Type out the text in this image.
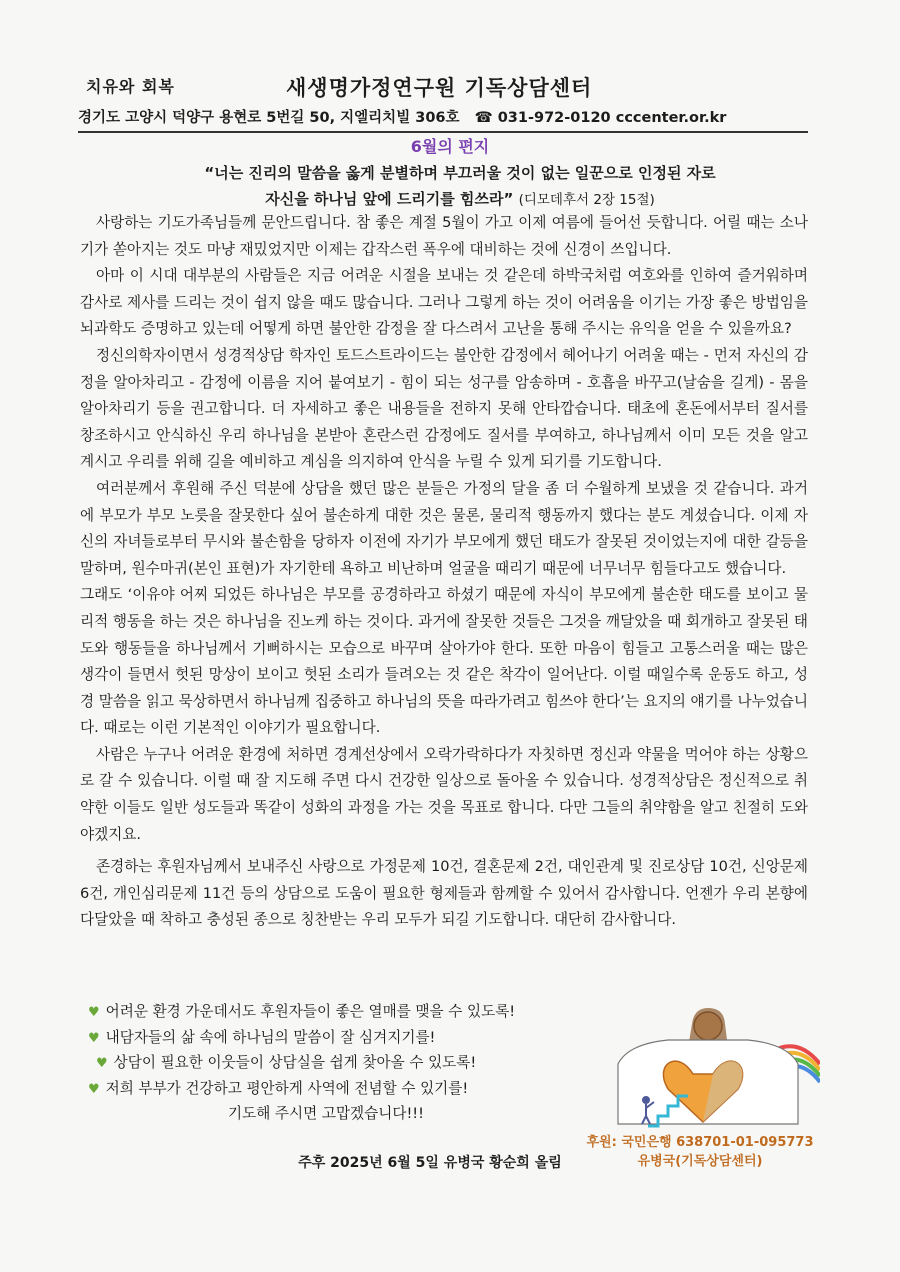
치유와 회복	새생명가정연구원 기독상담센터
경기도 고양시 덕양구 용현로 5번길 50, 지엘리치빌 306호 ☎ 031-972-0120 cccenter.or.kr
6월의 편지
“너는 진리의 말씀을 옳게 분별하며 부끄러울 것이 없는 일꾼으로 인정된 자로
자신을 하나님 앞에 드리기를 힘쓰라” (디모데후서 2장 15절)

사랑하는 기도가족님들께 문안드립니다. 참 좋은 계절 5월이 가고 이제 여름에 들어선 듯합니다. 어릴 때는 소나기가 쏟아지는 것도 마냥 재밌었지만 이제는 갑작스런 폭우에 대비하는 것에 신경이 쓰입니다.

아마 이 시대 대부분의 사람들은 지금 어려운 시절을 보내는 것 같은데 하박국처럼 여호와를 인하여 즐거워하며 감사로 제사를 드리는 것이 쉽지 않을 때도 많습니다. 그러나 그렇게 하는 것이 어려움을 이기는 가장 좋은 방법임을 뇌과학도 증명하고 있는데 어떻게 하면 불안한 감정을 잘 다스려서 고난을 통해 주시는 유익을 얻을 수 있을까요?

정신의학자이면서 성경적상담 학자인 토드스트라이드는 불안한 감정에서 헤어나기 어려울 때는 - 먼저 자신의 감정을 알아차리고 - 감정에 이름을 지어 붙여보기 - 힘이 되는 성구를 암송하며 - 호흡을 바꾸고(날숨을 길게) - 몸을 알아차리기 등을 권고합니다. 더 자세하고 좋은 내용들을 전하지 못해 안타깝습니다. 태초에 혼돈에서부터 질서를 창조하시고 안식하신 우리 하나님을 본받아 혼란스런 감정에도 질서를 부여하고, 하나님께서 이미 모든 것을 알고 계시고 우리를 위해 길을 예비하고 계심을 의지하여 안식을 누릴 수 있게 되기를 기도합니다.

여러분께서 후원해 주신 덕분에 상담을 했던 많은 분들은 가정의 달을 좀 더 수월하게 보냈을 것 같습니다. 과거에 부모가 부모 노릇을 잘못한다 싶어 불손하게 대한 것은 물론, 물리적 행동까지 했다는 분도 계셨습니다. 이제 자신의 자녀들로부터 무시와 불손함을 당하자 이전에 자기가 부모에게 했던 태도가 잘못된 것이었는지에 대한 갈등을 말하며, 원수마귀(본인 표현)가 자기한테 욕하고 비난하며 얼굴을 때리기 때문에 너무너무 힘들다고도 했습니다.

그래도 ‘이유야 어찌 되었든 하나님은 부모를 공경하라고 하셨기 때문에 자식이 부모에게 불손한 태도를 보이고 물리적 행동을 하는 것은 하나님을 진노케 하는 것이다. 과거에 잘못한 것들은 그것을 깨달았을 때 회개하고 잘못된 태도와 행동들을 하나님께서 기뻐하시는 모습으로 바꾸며 살아가야 한다. 또한 마음이 힘들고 고통스러울 때는 많은 생각이 들면서 헛된 망상이 보이고 헛된 소리가 들려오는 것 같은 착각이 일어난다. 이럴 때일수록 운동도 하고, 성경 말씀을 읽고 묵상하면서 하나님께 집중하고 하나님의 뜻을 따라가려고 힘쓰야 한다’는 요지의 얘기를 나누었습니다. 때로는 이런 기본적인 이야기가 필요합니다.

사람은 누구나 어려운 환경에 처하면 경계선상에서 오락가락하다가 자칫하면 정신과 약물을 먹어야 하는 상황으로 갈 수 있습니다. 이럴 때 잘 지도해 주면 다시 건강한 일상으로 돌아올 수 있습니다. 성경적상담은 정신적으로 취약한 이들도 일반 성도들과 똑같이 성화의 과정을 가는 것을 목표로 합니다. 다만 그들의 취약함을 알고 친절히 도와야겠지요.

존경하는 후원자님께서 보내주신 사랑으로 가정문제 10건, 결혼문제 2건, 대인관계 및 진로상담 10건, 신앙문제 6건, 개인심리문제 11건 등의 상담으로 도움이 필요한 형제들과 함께할 수 있어서 감사합니다. 언젠가 우리 본향에 다달았을 때 착하고 충성된 종으로 칭찬받는 우리 모두가 되길 기도합니다. 대단히 감사합니다.

♥ 어려운 환경 가운데서도 후원자들이 좋은 열매를 맺을 수 있도록!
♥ 내담자들의 삶 속에 하나님의 말씀이 잘 심겨지기를!
♥ 상담이 필요한 이웃들이 상담실을 쉽게 찾아올 수 있도록!
♥ 저희 부부가 건강하고 평안하게 사역에 전념할 수 있기를!
기도해 주시면 고맙겠습니다!!!
후원: 국민은행 638701-01-095773
유병국(기독상담센터)
주후 2025년 6월 5일 유병국 황순희 올림
